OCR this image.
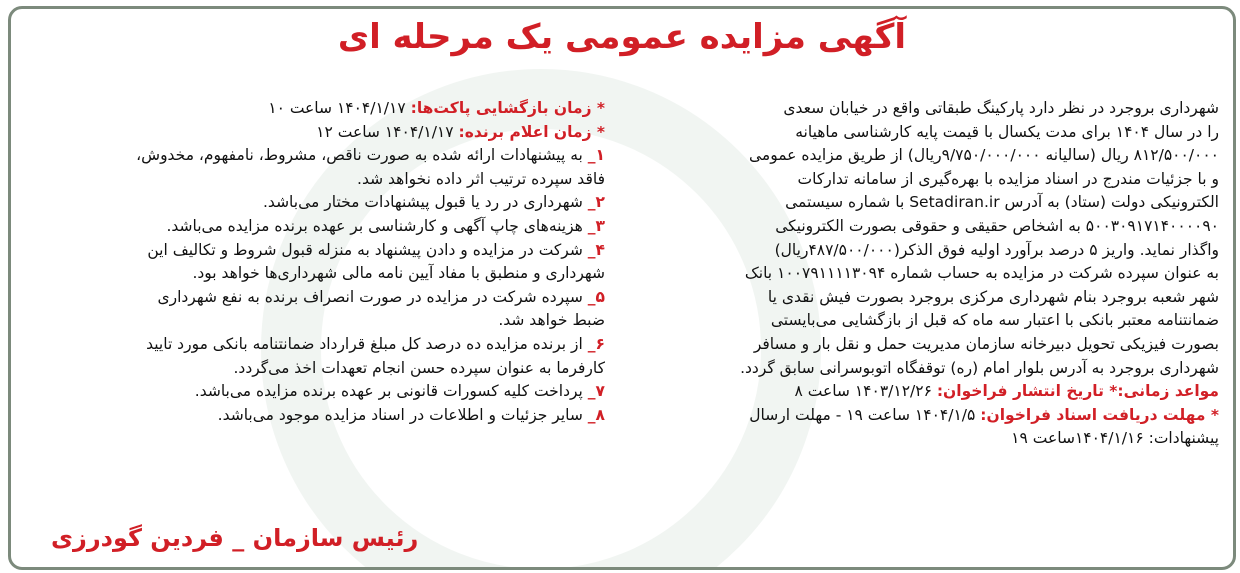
آگهی مزایده عمومی یک مرحله ای
شهرداری بروجرد در نظر دارد پارکینگ طبقاتی واقع در خیابان سعدی
را در سال ۱۴۰۴ برای مدت یکسال با قیمت پایه کارشناسی ماهیانه
۸۱۲/۵۰۰/۰۰۰ ریال (سالیانه ۹/۷۵۰/۰۰۰/۰۰۰ریال) از طریق مزایده عمومی
و با جزئیات مندرج در اسناد مزایده با بهره‌گیری از سامانه تدارکات
الکترونیکی دولت (ستاد) به آدرس Setadiran.ir با شماره سیستمی
۵۰۰۳۰۹۱۷۱۴۰۰۰۰۹۰ به اشخاص حقیقی و حقوقی بصورت الکترونیکی
واگذار نماید. واریز ۵ درصد برآورد اولیه فوق الذکر(۴۸۷/۵۰۰/۰۰۰ریال)
به عنوان سپرده شرکت در مزایده به حساب شماره ۱۰۰۷۹۱۱۱۱۳۰۹۴ بانک
شهر شعبه بروجرد بنام شهرداری مرکزی بروجرد بصورت فیش نقدی یا
ضمانتنامه معتبر بانکی با اعتبار سه ماه که قبل از بازگشایی می‌بایستی
بصورت فیزیکی تحویل دبیرخانه سازمان مدیریت حمل و نقل بار و مسافر
شهرداری بروجرد به آدرس بلوار امام (ره) توقفگاه اتوبوسرانی سابق گردد.
مواعد زمانی:* تاریخ انتشار فراخوان: ۱۴۰۳/۱۲/۲۶ ساعت ۸
* مهلت دریافت اسناد فراخوان: ۱۴۰۴/۱/۵ ساعت ۱۹ - مهلت ارسال
پیشنهادات: ۱۴۰۴/۱/۱۶ساعت ۱۹
* زمان بازگشایی پاکت‌ها: ۱۴۰۴/۱/۱۷ ساعت ۱۰
* زمان اعلام برنده: ۱۴۰۴/۱/۱۷ ساعت ۱۲
۱_ به پیشنهادات ارائه شده به صورت ناقص، مشروط، نامفهوم، مخدوش،
فاقد سپرده ترتیب اثر داده نخواهد شد.
۲_ شهرداری در رد یا قبول پیشنهادات مختار می‌باشد.
۳_ هزینه‌های چاپ آگهی و کارشناسی بر عهده برنده مزایده می‌باشد.
۴_ شرکت در مزایده و دادن پیشنهاد به منزله قبول شروط و تکالیف این
شهرداری و منطبق با مفاد آیین نامه مالی شهرداری‌ها خواهد بود.
۵_ سپرده شرکت در مزایده در صورت انصراف برنده به نفع شهرداری
ضبط خواهد شد.
۶_ از برنده مزایده ده درصد کل مبلغ قرارداد ضمانتنامه بانکی مورد تایید
کارفرما به عنوان سپرده حسن انجام تعهدات اخذ می‌گردد.
۷_ پرداخت کلیه کسورات قانونی بر عهده برنده مزایده می‌باشد.
۸_ سایر جزئیات و اطلاعات در اسناد مزایده موجود می‌باشد.
رئیس سازمان _ فردین گودرزی
